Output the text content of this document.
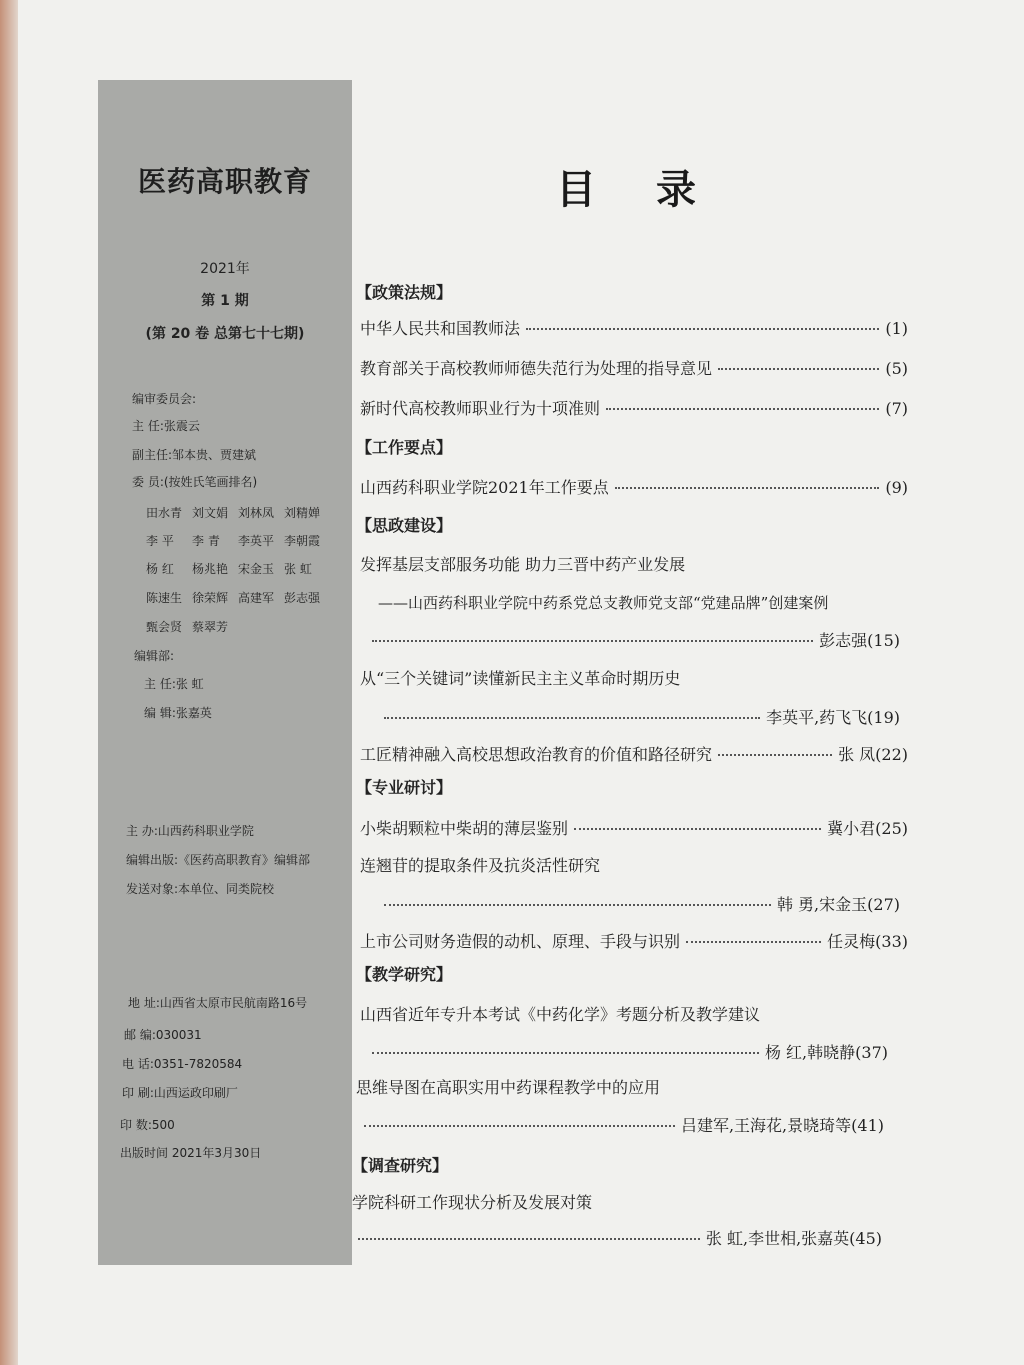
医药高职教育
2021年
第 1 期
(第 20 卷 总第七十七期)
编审委员会:
主 任:张震云
副主任:邹本贵、贾建斌
委 员:(按姓氏笔画排名)
田水青 刘文娟 刘林凤 刘精婵
李 平 李 青 李英平 李朝霞
杨 红 杨兆艳 宋金玉 张 虹
陈速生 徐荣辉 高建军 彭志强
甄会贤 蔡翠芳
编辑部:
主 任:张 虹
编 辑:张嘉英
主 办:山西药科职业学院
编辑出版:《医药高职教育》编辑部
发送对象:本单位、同类院校
地 址:山西省太原市民航南路16号
邮 编:030031
电 话:0351-7820584
印 刷:山西运政印刷厂
印 数:500
出版时间 2021年3月30日
目录
【政策法规】
中华人民共和国教师法	(1)
教育部关于高校教师师德失范行为处理的指导意见	(5)
新时代高校教师职业行为十项准则	(7)
【工作要点】
山西药科职业学院2021年工作要点	(9)
【思政建设】
发挥基层支部服务功能 助力三晋中药产业发展
——山西药科职业学院中药系党总支教师党支部“党建品牌”创建案例
彭志强(15)
从“三个关键词”读懂新民主主义革命时期历史
李英平,药飞飞(19)
工匠精神融入高校思想政治教育的价值和路径研究	张 凤(22)
【专业研讨】
小柴胡颗粒中柴胡的薄层鉴别	冀小君(25)
连翘苷的提取条件及抗炎活性研究
韩 勇,宋金玉(27)
上市公司财务造假的动机、原理、手段与识别	任灵梅(33)
【教学研究】
山西省近年专升本考试《中药化学》考题分析及教学建议
杨 红,韩晓静(37)
思维导图在高职实用中药课程教学中的应用
吕建军,王海花,景晓琦等(41)
【调查研究】
学院科研工作现状分析及发展对策
张 虹,李世相,张嘉英(45)
